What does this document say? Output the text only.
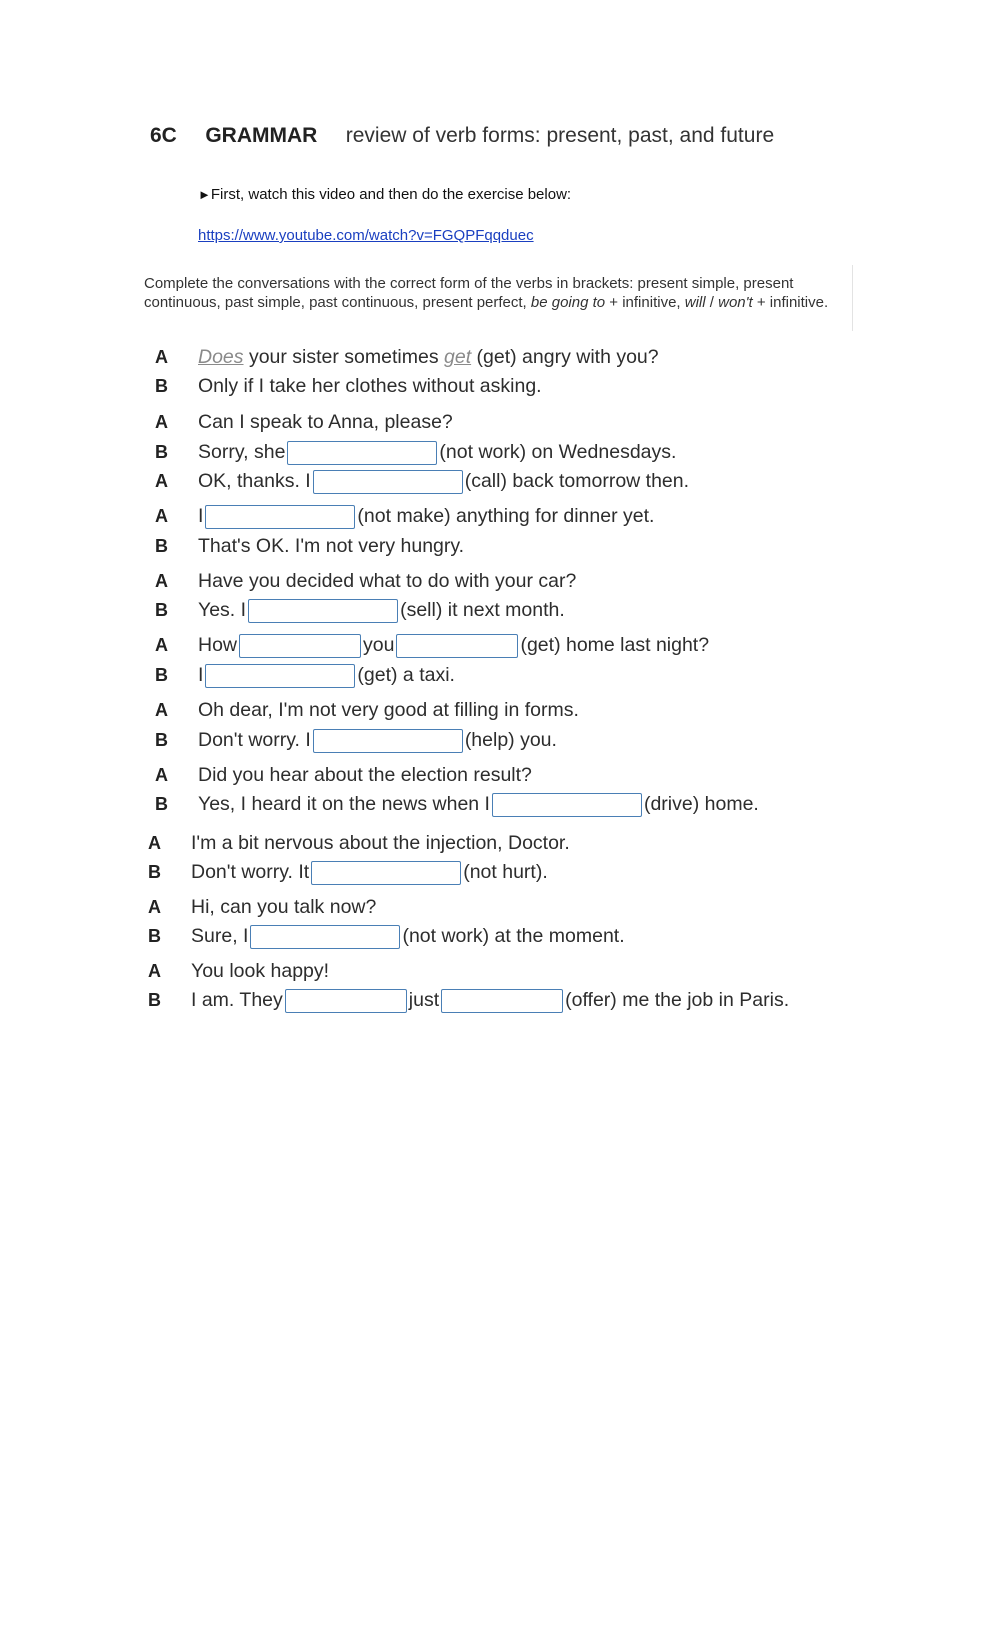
6C GRAMMAR review of verb forms: present, past, and future
►First, watch this video and then do the exercise below:
https://www.youtube.com/watch?v=FGQPFqqduec
Complete the conversations with the correct form of the verbs in brackets: present simple, present continuous, past simple, past continuous, present perfect, be going to + infinitive, will / won't + infinitive.
A	Does your sister sometimes get (get) angry with you?
B	Only if I take her clothes without asking.
A	Can I speak to Anna, please?
B	Sorry, she	(not work) on Wednesdays.
A	OK, thanks. I	(call) back tomorrow then.
A	I	(not make) anything for dinner yet.
B	That's OK. I'm not very hungry.
A	Have you decided what to do with your car?
B	Yes. I	(sell) it next month.
A	How	you	(get) home last night?
B	I	(get) a taxi.
A	Oh dear, I'm not very good at filling in forms.
B	Don't worry. I	(help) you.
A	Did you hear about the election result?
B	Yes, I heard it on the news when I	(drive) home.
A	I'm a bit nervous about the injection, Doctor.
B	Don't worry. It	(not hurt).
A	Hi, can you talk now?
B	Sure, I	(not work) at the moment.
A	You look happy!
B	I am. They	just	(offer) me the job in Paris.
